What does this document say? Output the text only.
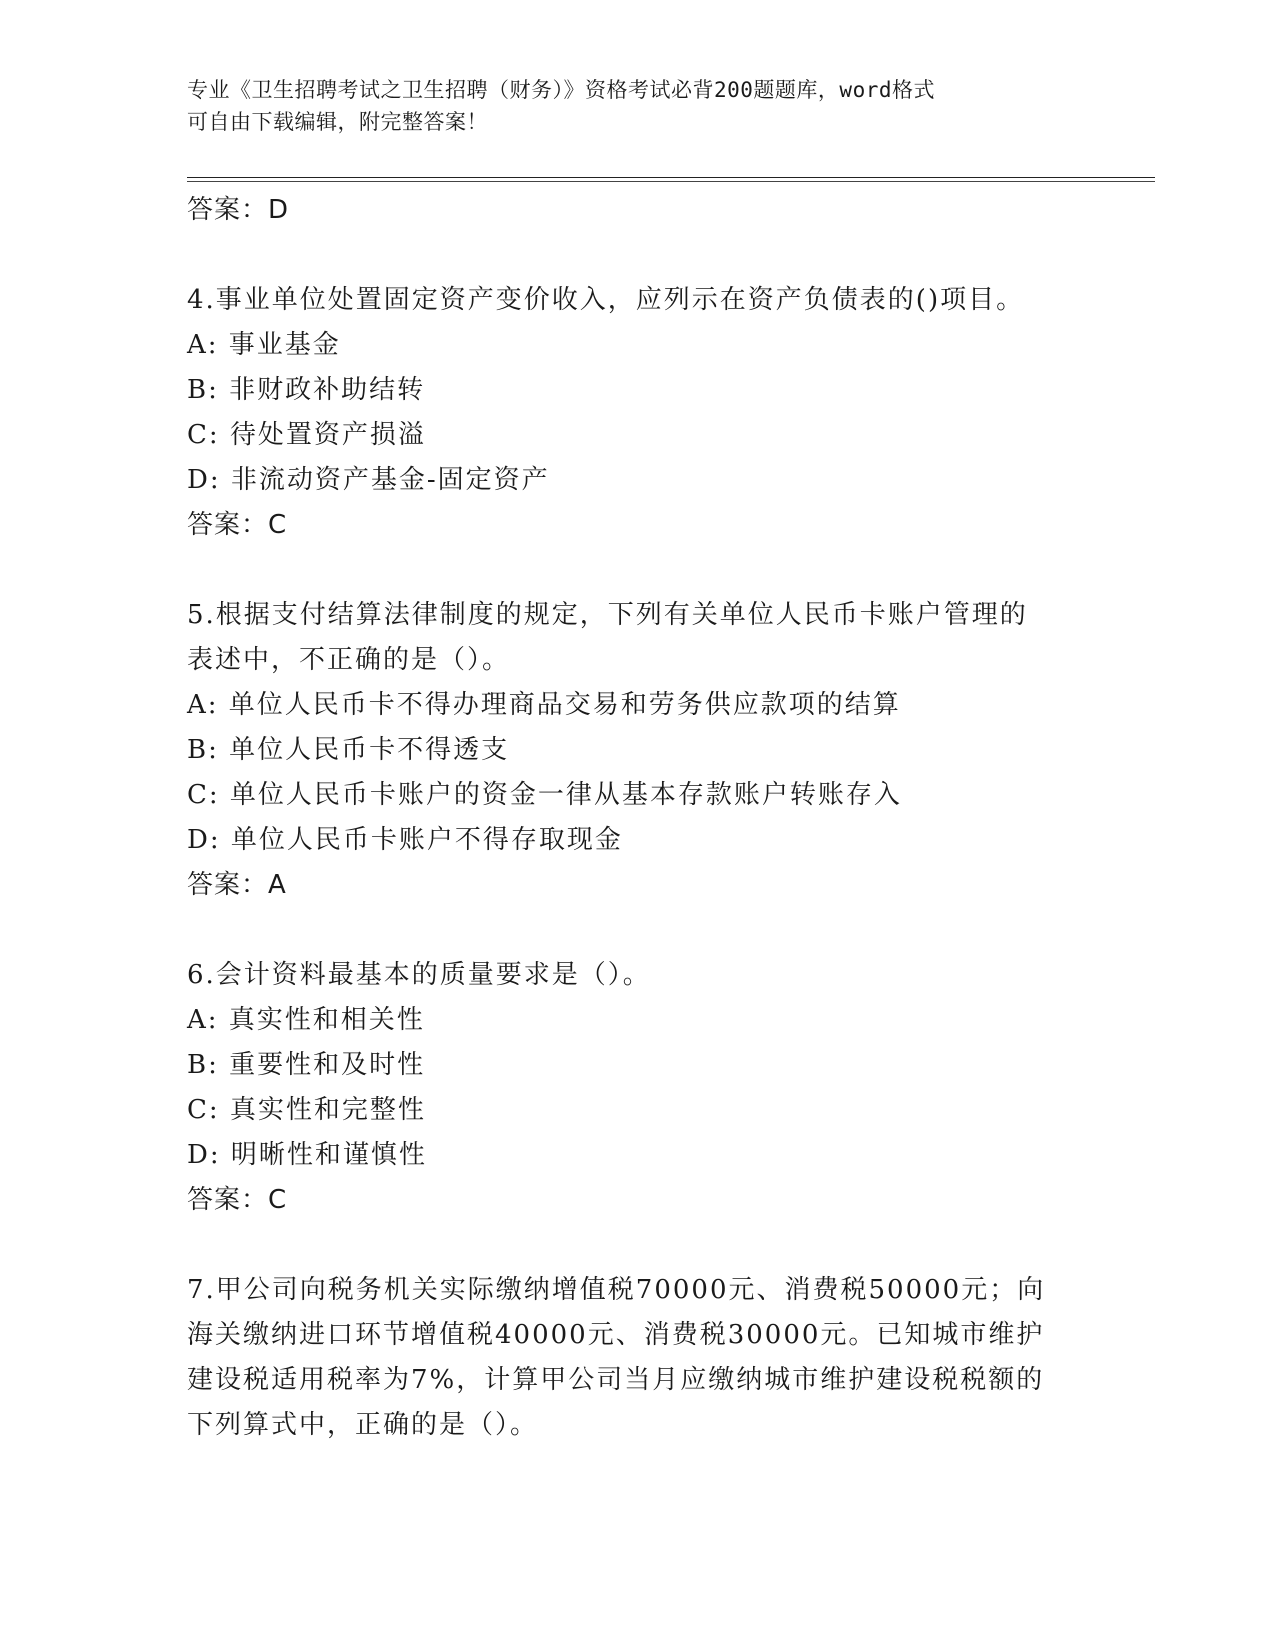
专业《卫生招聘考试之卫生招聘（财务）》资格考试必背200题题库，word格式
可自由下载编辑，附完整答案！
答案：D
4.事业单位处置固定资产变价收入，应列示在资产负债表的()项目。
A: 事业基金
B: 非财政补助结转
C: 待处置资产损溢
D: 非流动资产基金-固定资产
答案：C
5.根据支付结算法律制度的规定，下列有关单位人民币卡账户管理的
表述中，不正确的是（）。
A: 单位人民币卡不得办理商品交易和劳务供应款项的结算
B: 单位人民币卡不得透支
C: 单位人民币卡账户的资金一律从基本存款账户转账存入
D: 单位人民币卡账户不得存取现金
答案：A
6.会计资料最基本的质量要求是（）。
A: 真实性和相关性
B: 重要性和及时性
C: 真实性和完整性
D: 明晰性和谨慎性
答案：C
7.甲公司向税务机关实际缴纳增值税70000元、消费税50000元；向
海关缴纳进口环节增值税40000元、消费税30000元。已知城市维护
建设税适用税率为7%，计算甲公司当月应缴纳城市维护建设税税额的
下列算式中，正确的是（）。
